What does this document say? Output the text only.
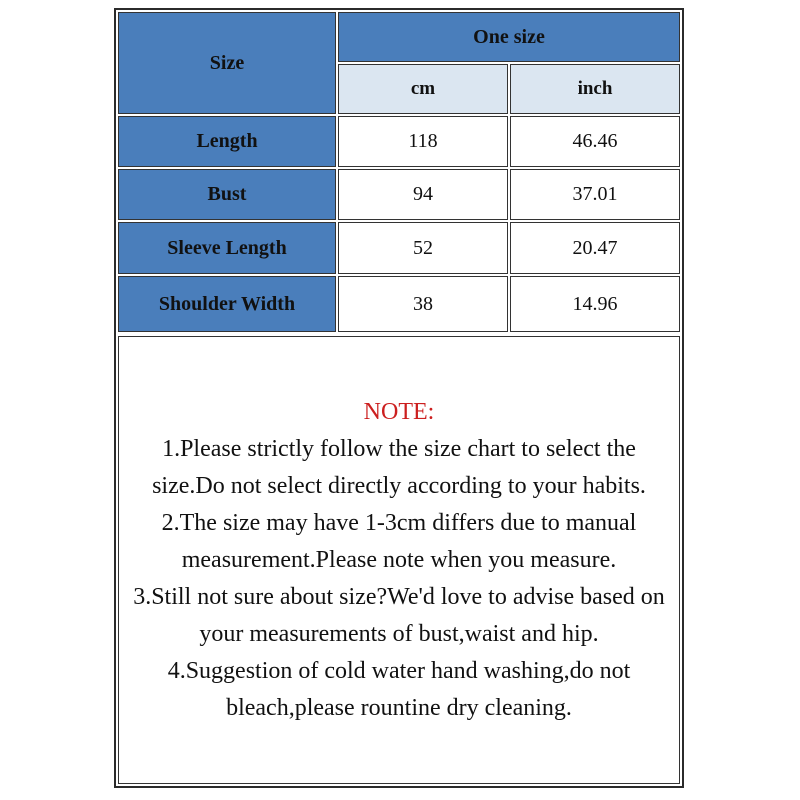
Size
One size
cm	inch
Length	118	46.46
Bust	94	37.01
Sleeve Length	52	20.47
Shoulder Width	38	14.96

NOTE:

1.Please strictly follow the size chart to select the size.Do not select directly according to your habits.

2.The size may have 1-3cm differs due to manual measurement.Please note when you measure.

3.Still not sure about size?We'd love to advise based on your measurements of bust,waist and hip.

4.Suggestion of cold water hand washing,do not bleach,please rountine dry cleaning.
